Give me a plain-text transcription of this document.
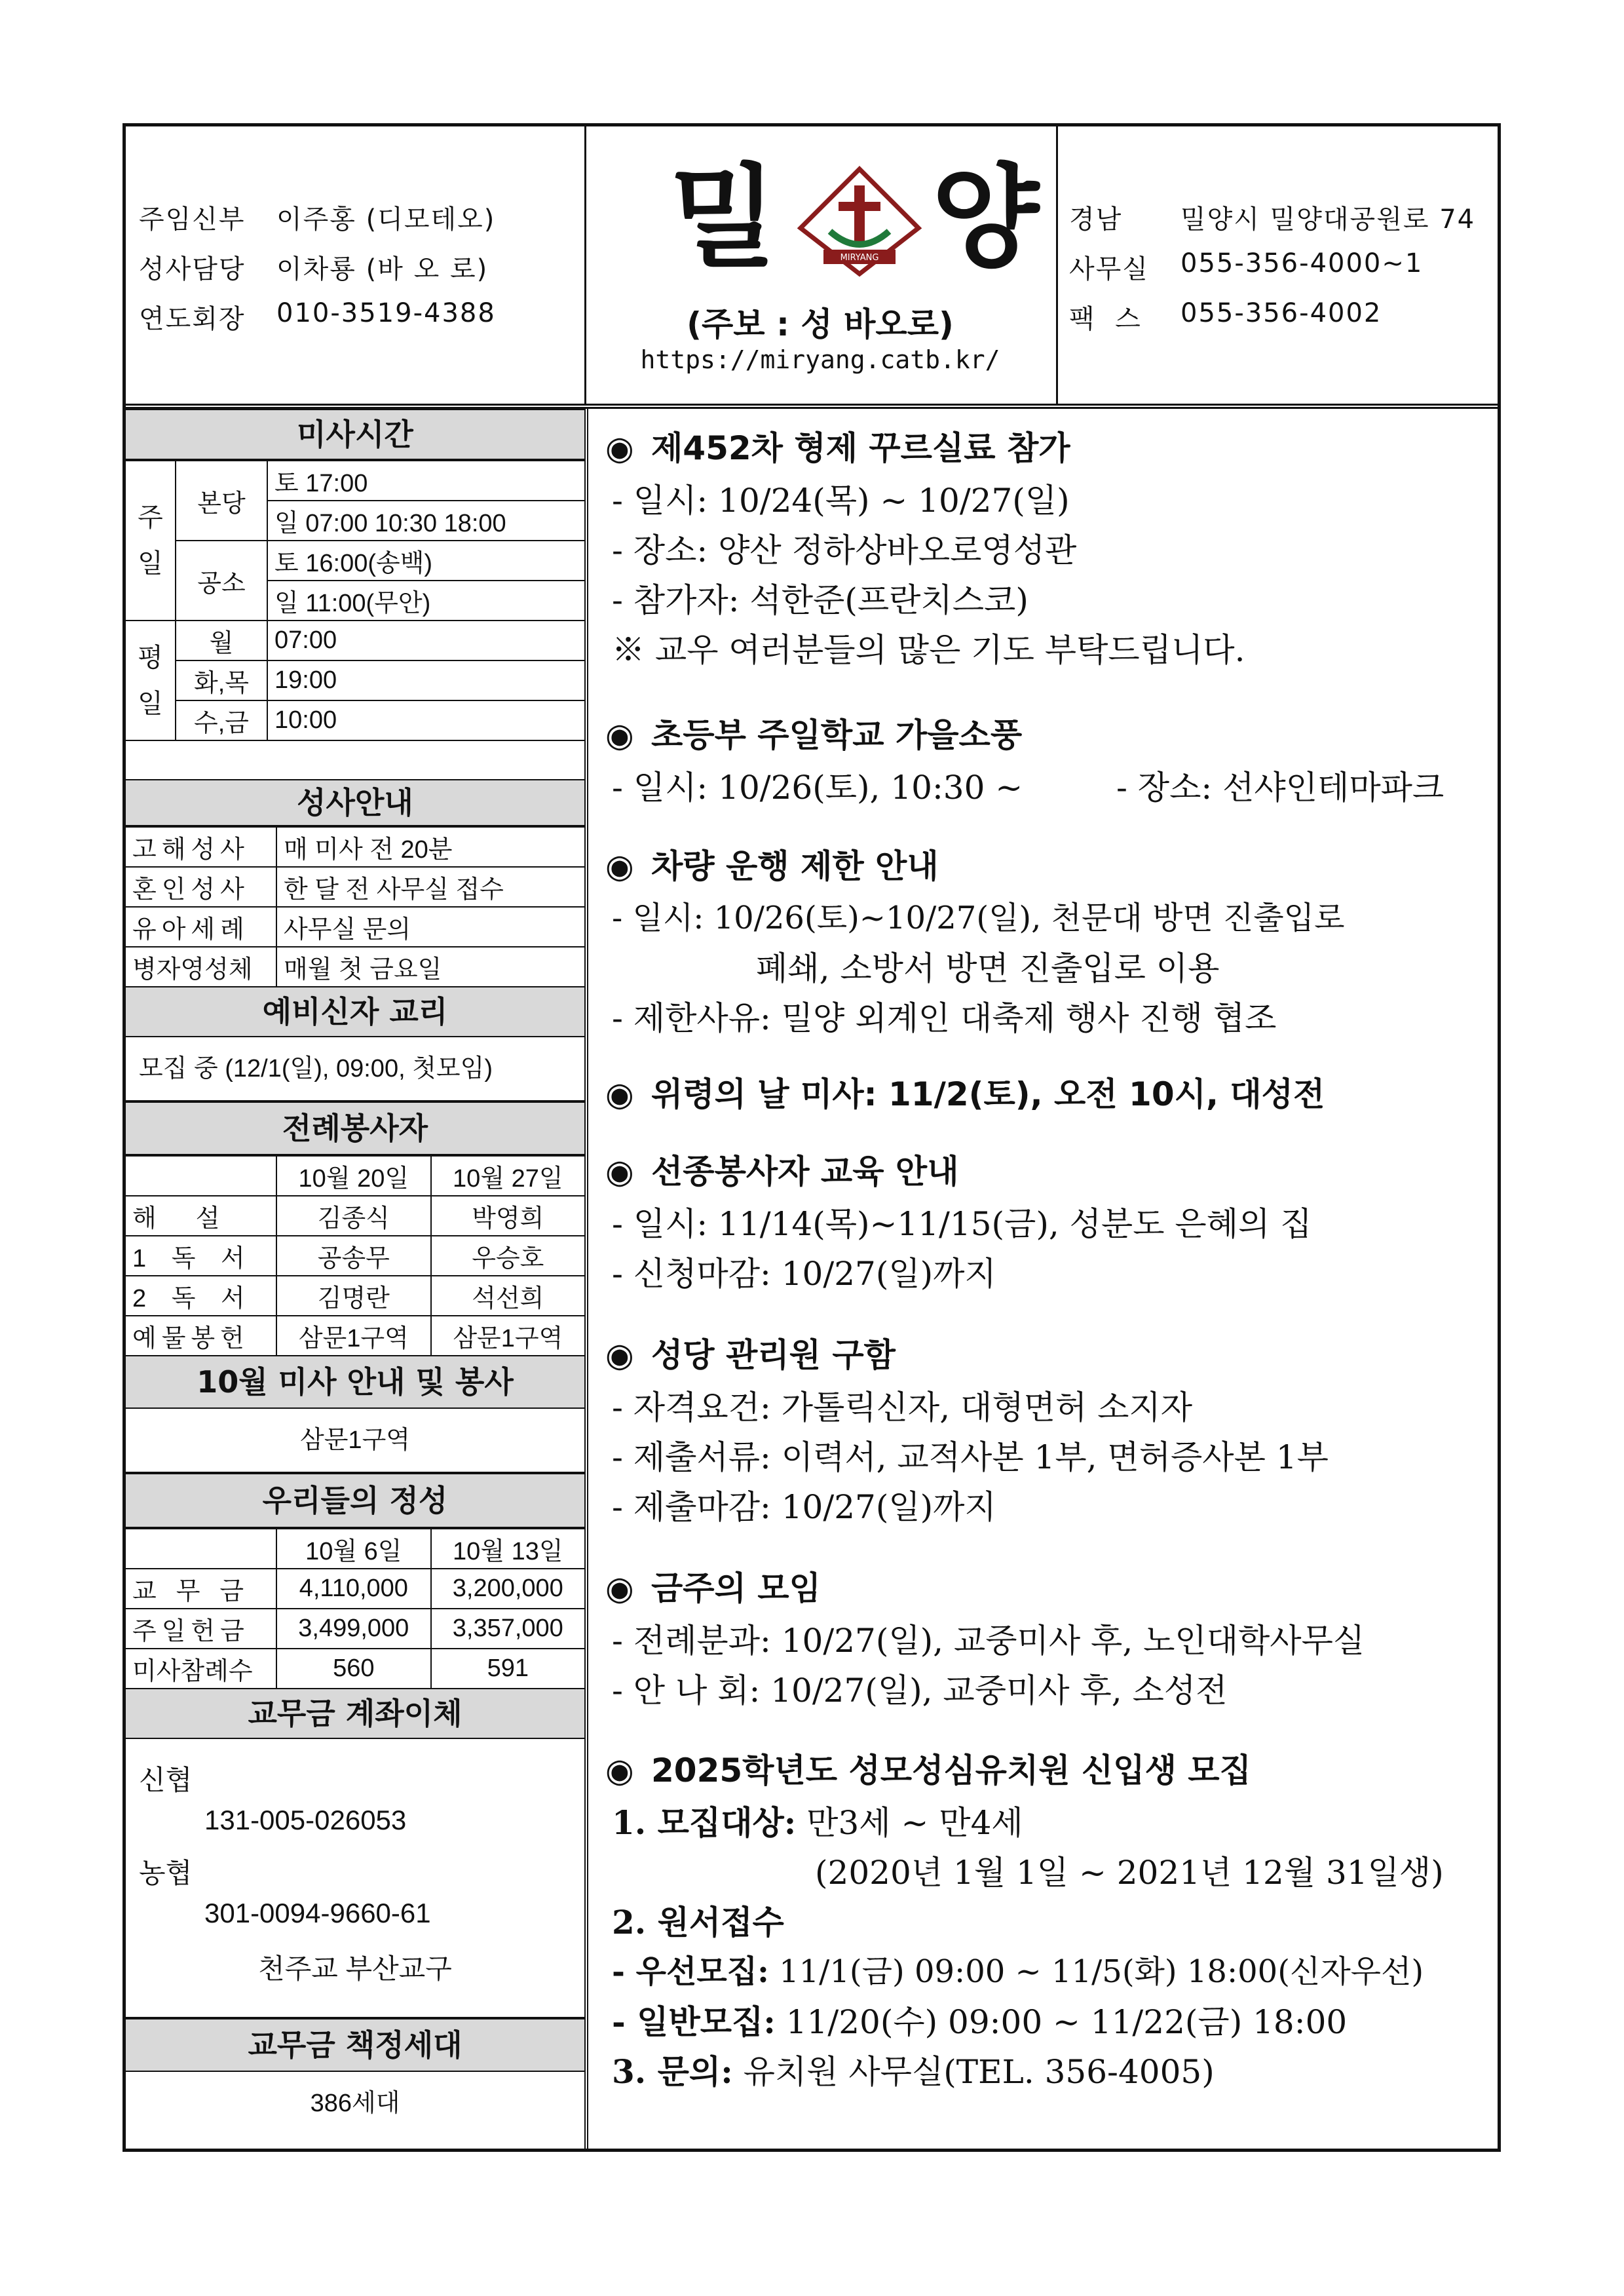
주임신부 이주홍 (디모테오)
성사담당 이차룡 (바 오 로)
연도회장 010-3519-4388
밀	MIRYANG 양
(주보 : 성 바오로)
https://miryang.catb.kr/
경남 밀양시 밀양대공원로 74
사무실 055-356-4000~1
팩  스 055-356-4002
미사시간
주일	본당	토 17:00
		일 07:00 10:30 18:00
	공소	토 16:00(송백)
		일 11:00(무안)
평일	월	07:00
	화,목	19:00
	수,금	10:00
성사안내
고해성사	매 미사 전 20분
혼인성사	한 달 전 사무실 접수
유아세례	사무실 문의
병자영성체	매월 첫 금요일
예비신자 교리
모집 중 (12/1(일), 09:00, 첫모임)
전례봉사자
	10월 20일	10월 27일
해설	김종식	박영희
1 독 서	공송무	우승호
2 독 서	김명란	석선희
예물봉헌	삼문1구역	삼문1구역
10월 미사 안내 및 봉사
삼문1구역
우리들의 정성
	10월 6일	10월 13일
교무금	4,110,000	3,200,000
주일헌금	3,499,000	3,357,000
미사참례수	560	591
교무금 계좌이체
신협
131-005-026053
농협
301-0094-9660-61
천주교 부산교구
교무금 책정세대
386세대
◉ 제452차 형제 꾸르실료 참가
- 일시: 10/24(목) ~ 10/27(일)
- 장소: 양산 정하상바오로영성관
- 참가자: 석한준(프란치스코)
※ 교우 여러분들의 많은 기도 부탁드립니다.
◉ 초등부 주일학교 가을소풍
- 일시: 10/26(토), 10:30 ~	- 장소: 선샤인테마파크
◉ 차량 운행 제한 안내
- 일시: 10/26(토)~10/27(일), 천문대 방면 진출입로
폐쇄, 소방서 방면 진출입로 이용
- 제한사유: 밀양 외계인 대축제 행사 진행 협조
◉ 위령의 날 미사: 11/2(토), 오전 10시, 대성전
◉ 선종봉사자 교육 안내
- 일시: 11/14(목)~11/15(금), 성분도 은혜의 집
- 신청마감: 10/27(일)까지
◉ 성당 관리원 구함
- 자격요건: 가톨릭신자, 대형면허 소지자
- 제출서류: 이력서, 교적사본 1부, 면허증사본 1부
- 제출마감: 10/27(일)까지
◉ 금주의 모임
- 전례분과: 10/27(일), 교중미사 후, 노인대학사무실
- 안 나 회: 10/27(일), 교중미사 후, 소성전
◉ 2025학년도 성모성심유치원 신입생 모집
1. 모집대상: 만3세 ~ 만4세
(2020년 1월 1일 ~ 2021년 12월 31일생)
2. 원서접수
- 우선모집: 11/1(금) 09:00 ~ 11/5(화) 18:00(신자우선)
- 일반모집: 11/20(수) 09:00 ~ 11/22(금) 18:00
3. 문의: 유치원 사무실(TEL. 356-4005)
